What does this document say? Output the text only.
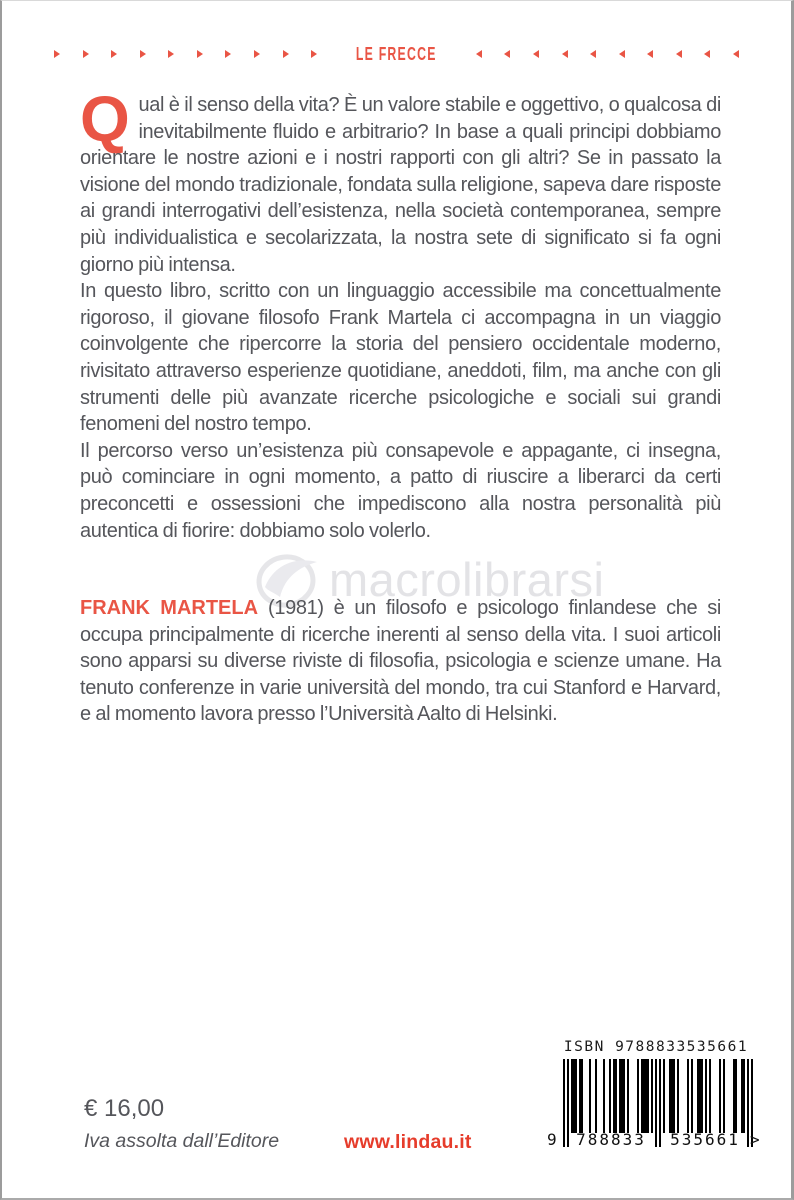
LE FRECCE

Qual è il senso della vita? È un valore stabile e oggettivo, o qualcosa di inevitabilmente fluido e arbitrario? In base a quali principi dobbiamo orientare le nostre azioni e i nostri rapporti con gli altri? Se in passato la visione del mondo tradizionale, fondata sulla religione, sapeva dare risposte ai grandi interrogativi dell’esistenza, nella società contemporanea, sempre più individualistica e secolarizzata, la nostra sete di significato si fa ogni giorno più intensa.

In questo libro, scritto con un linguaggio accessibile ma concettualmente rigoroso, il giovane filosofo Frank Martela ci accompagna in un viaggio coinvolgente che ripercorre la storia del pensiero occidentale moderno, rivisitato attraverso esperienze quotidiane, aneddoti, film, ma anche con gli strumenti delle più avanzate ricerche psicologiche e sociali sui grandi fenomeni del nostro tempo.

Il percorso verso un’esistenza più consapevole e appagante, ci insegna, può cominciare in ogni momento, a patto di riuscire a liberarci da certi preconcetti e ossessioni che impediscono alla nostra personalità più autentica di fiorire: dobbiamo solo volerlo.

macrolibrarsi

FRANK MARTELA (1981) è un filosofo e psicologo finlandese che si occupa principalmente di ricerche inerenti al senso della vita. I suoi articoli sono apparsi su diverse riviste di filosofia, psicologia e scienze umane. Ha tenuto conferenze in varie università del mondo, tra cui Stanford e Harvard, e al momento lavora presso l’Università Aalto di Helsinki.

€ 16,00
Iva assolta dall’Editore	www.lindau.it
ISBN 9788833535661
9	788833	535661 >
